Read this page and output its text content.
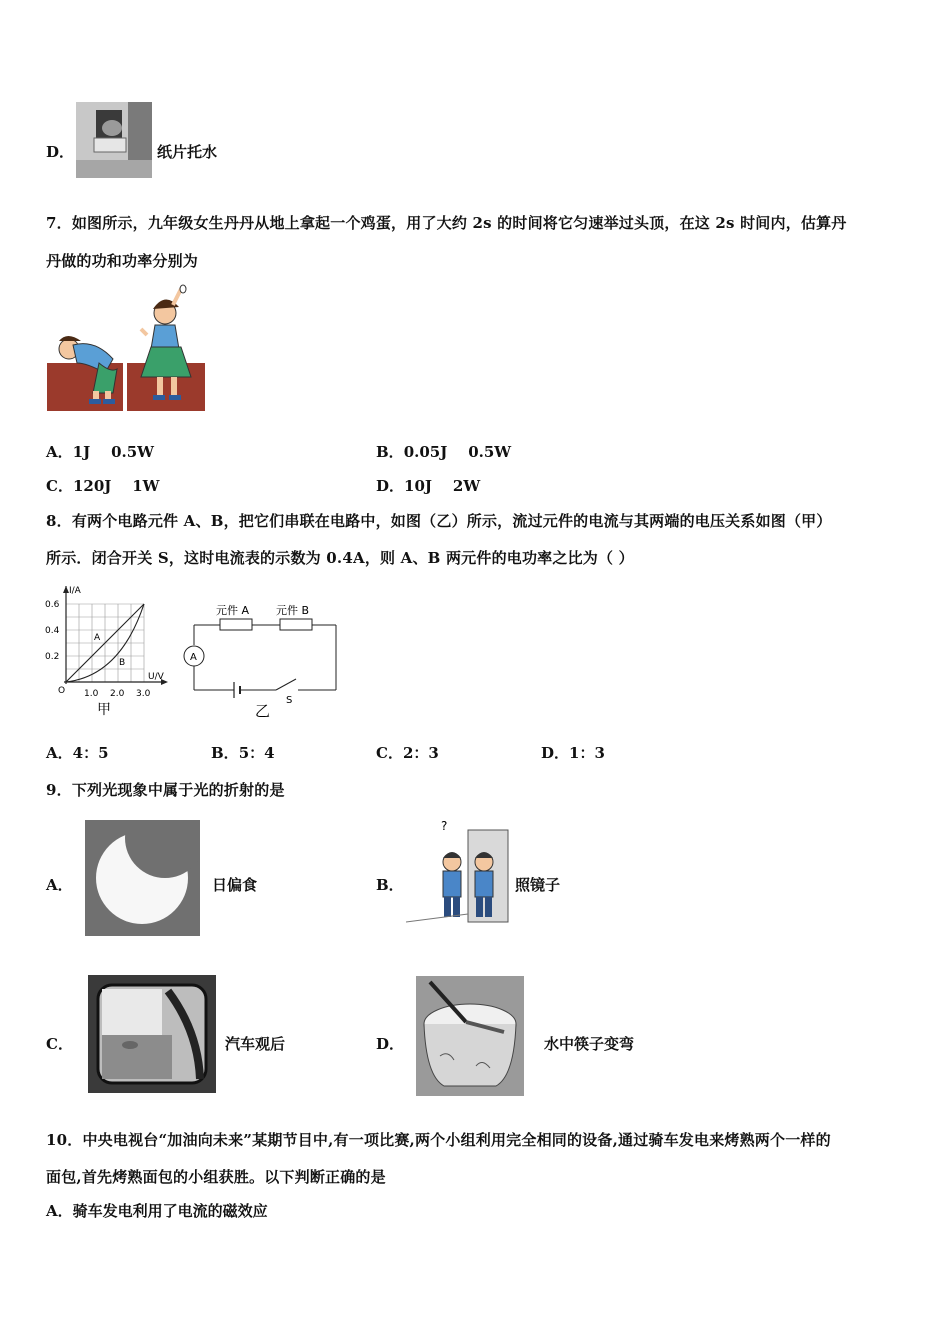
D．	纸片托水
7．如图所示，九年级女生丹丹从地上拿起一个鸡蛋，用了大约 2s 的时间将它匀速举过头顶，在这 2s 时间内，估算丹
丹做的功和功率分别为
A．1J    0.5W	B．0.05J    0.5W
C．120J    1W	D．10J    2W
8．有两个电路元件 A、B，把它们串联在电路中，如图（乙）所示，流过元件的电流与其两端的电压关系如图（甲）
所示．闭合开关 S，这时电流表的示数为 0.4A，则 A、B 两元件的电功率之比为（ ）
I/A
0.6
0.4
0.2
O 1.0 2.0 3.0
U/V
A
B
甲
元件 A 元件 B
A
S
乙
A．4：5	B．5：4	C．2：3	D．1：3
9．下列光现象中属于光的折射的是
A．	日偏食	B．
?
照镜子
C．	汽车观后	D．	水中筷子变弯
10．中央电视台“加油向未来”某期节目中,有一项比赛,两个小组利用完全相同的设备,通过骑车发电来烤熟两个一样的
面包,首先烤熟面包的小组获胜。以下判断正确的是
A．骑车发电利用了电流的磁效应
